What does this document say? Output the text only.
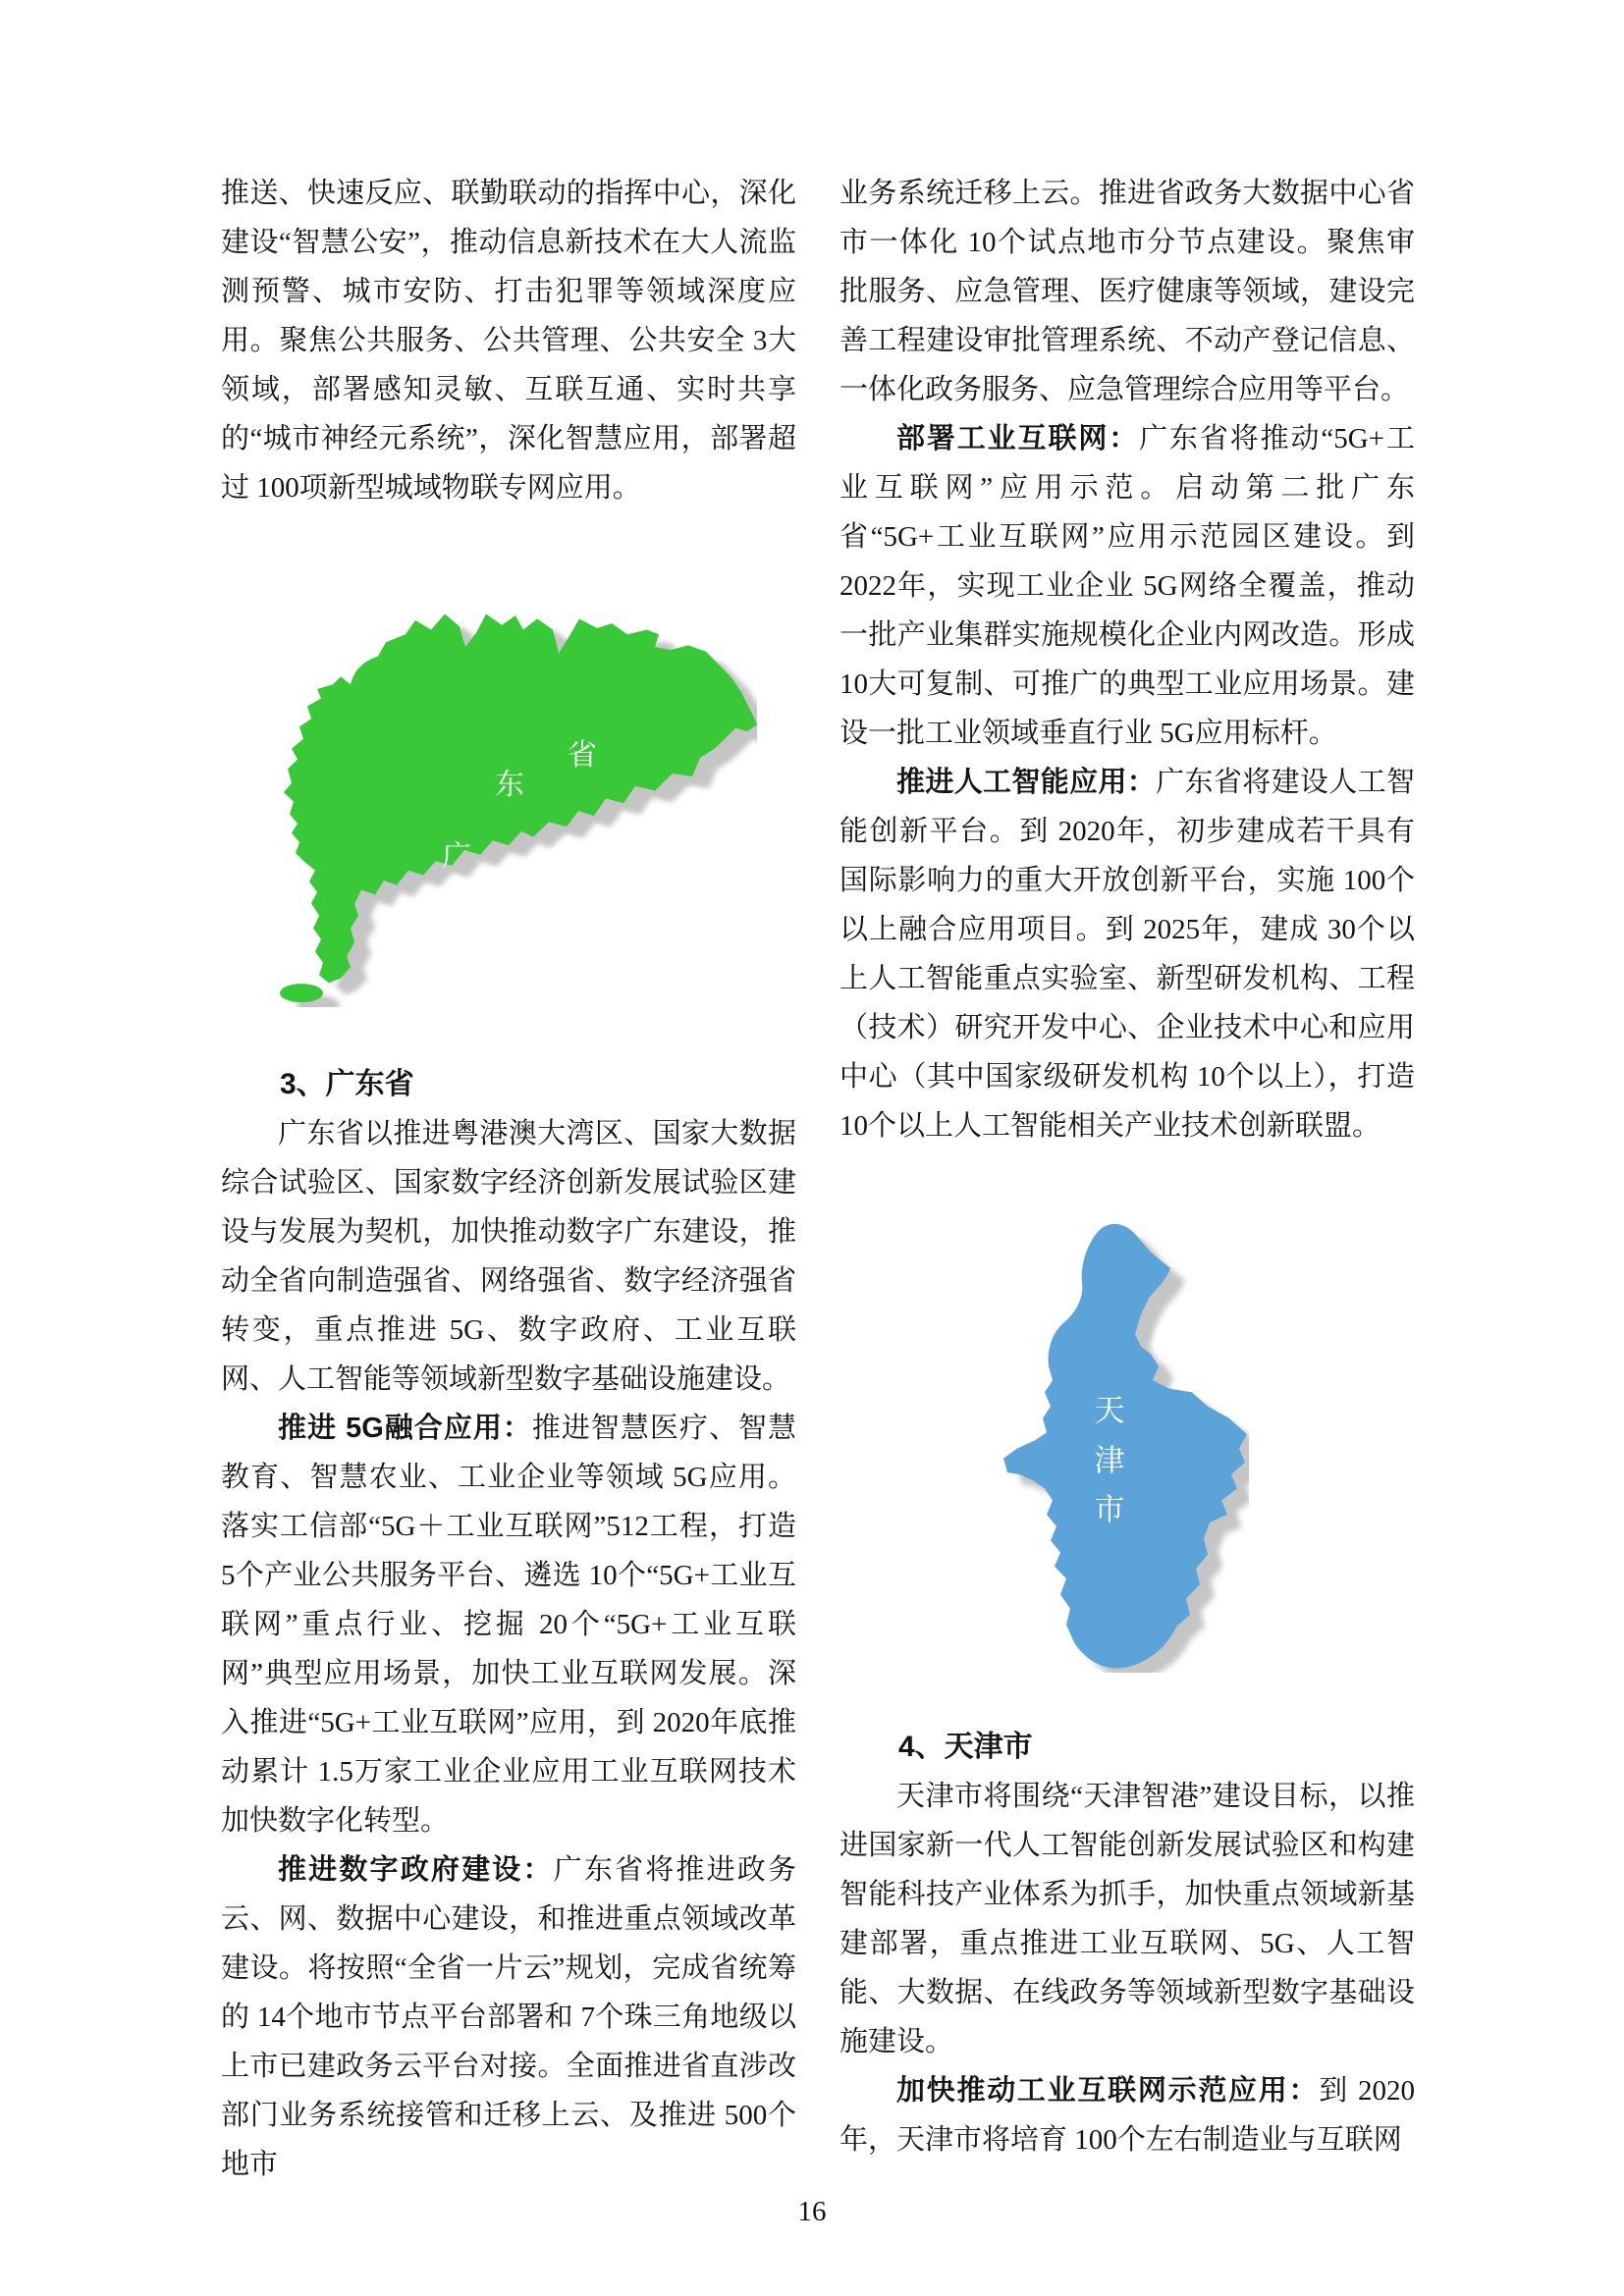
推送、快速反应、联勤联动的指挥中心，深化建设“智慧公安”，推动信息新技术在大人流监测预警、城市安防、打击犯罪等领域深度应用。聚焦公共服务、公共管理、公共安全 3大领域，部署感知灵敏、互联互通、实时共享的“城市神经元系统”，深化智慧应用，部署超过 100项新型城域物联专网应用。

广
东
省
3、广东省

广东省以推进粤港澳大湾区、国家大数据综合试验区、国家数字经济创新发展试验区建设与发展为契机，加快推动数字广东建设，推动全省向制造强省、网络强省、数字经济强省转变，重点推进 5G、数字政府、工业互联网、人工智能等领域新型数字基础设施建设。

推进 5G融合应用：推进智慧医疗、智慧教育、智慧农业、工业企业等领域 5G应用。落实工信部“5G＋工业互联网”512工程，打造 5个产业公共服务平台、遴选 10个“5G+工业互联网”重点行业、挖掘 20个“5G+工业互联网”典型应用场景，加快工业互联网发展。深入推进“5G+工业互联网”应用，到 2020年底推动累计 1.5万家工业企业应用工业互联网技术加快数字化转型。

推进数字政府建设：广东省将推进政务云、网、数据中心建设，和推进重点领域改革建设。将按照“全省一片云”规划，完成省统筹的 14个地市节点平台部署和 7个珠三角地级以上市已建政务云平台对接。全面推进省直涉改部门业务系统接管和迁移上云、及推进 500个地市

业务系统迁移上云。推进省政务大数据中心省市一体化 10个试点地市分节点建设。聚焦审批服务、应急管理、医疗健康等领域，建设完善工程建设审批管理系统、不动产登记信息、一体化政务服务、应急管理综合应用等平台。

部署工业互联网：广东省将推动“5G+工业互联网”应用示范。启动第二批广东省“5G+工业互联网”应用示范园区建设。到 2022年，实现工业企业 5G网络全覆盖，推动一批产业集群实施规模化企业内网改造。形成 10大可复制、可推广的典型工业应用场景。建设一批工业领域垂直行业 5G应用标杆。

推进人工智能应用：广东省将建设人工智能创新平台。到 2020年，初步建成若干具有国际影响力的重大开放创新平台，实施 100个以上融合应用项目。到 2025年，建成 30个以上人工智能重点实验室、新型研发机构、工程（技术）研究开发中心、企业技术中心和应用中心（其中国家级研发机构 10个以上），打造 10个以上人工智能相关产业技术创新联盟。

天
津
市
4、天津市

天津市将围绕“天津智港”建设目标，以推进国家新一代人工智能创新发展试验区和构建智能科技产业体系为抓手，加快重点领域新基建部署，重点推进工业互联网、5G、人工智能、大数据、在线政务等领域新型数字基础设施建设。

加快推动工业互联网示范应用：到 2020年，天津市将培育 100个左右制造业与互联网

16
